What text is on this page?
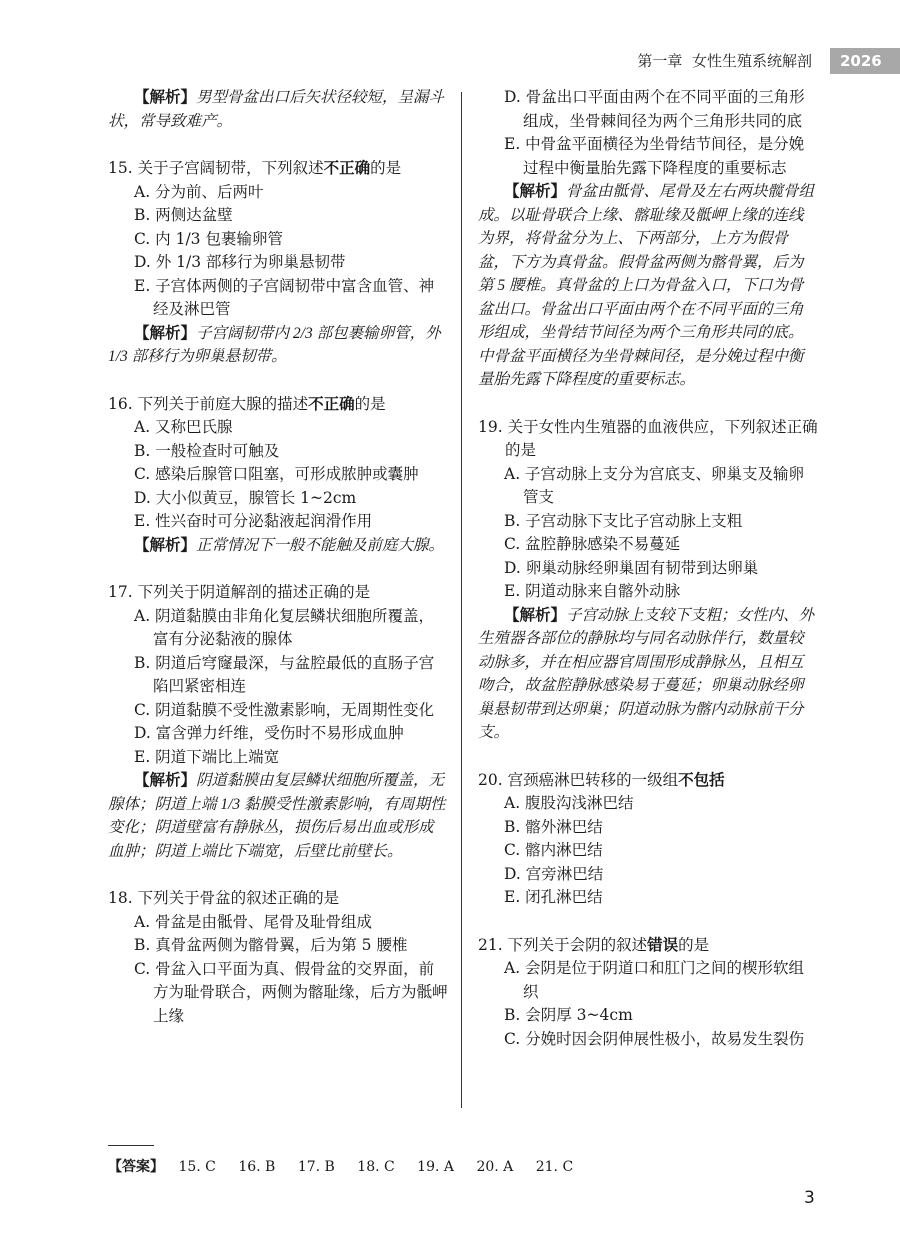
第一章 女性生殖系统解剖	2026

【解析】男型骨盆出口后矢状径较短，呈漏斗状，常导致难产。

15. 关于子宫阔韧带，下列叙述不正确的是

A. 分为前、后两叶

B. 两侧达盆壁

C. 内 1/3 包裹输卵管

D. 外 1/3 部移行为卵巢悬韧带

E. 子宫体两侧的子宫阔韧带中富含血管、神经及淋巴管

【解析】子宫阔韧带内 2/3 部包裹输卵管，外 1/3 部移行为卵巢悬韧带。

16. 下列关于前庭大腺的描述不正确的是

A. 又称巴氏腺

B. 一般检查时可触及

C. 感染后腺管口阻塞，可形成脓肿或囊肿

D. 大小似黄豆，腺管长 1~2cm

E. 性兴奋时可分泌黏液起润滑作用

【解析】正常情况下一般不能触及前庭大腺。

17. 下列关于阴道解剖的描述正确的是

A. 阴道黏膜由非角化复层鳞状细胞所覆盖，富有分泌黏液的腺体

B. 阴道后穹窿最深，与盆腔最低的直肠子宫陷凹紧密相连

C. 阴道黏膜不受性激素影响，无周期性变化

D. 富含弹力纤维，受伤时不易形成血肿

E. 阴道下端比上端宽

【解析】阴道黏膜由复层鳞状细胞所覆盖，无腺体；阴道上端 1/3 黏膜受性激素影响，有周期性变化；阴道壁富有静脉丛，损伤后易出血或形成血肿；阴道上端比下端宽，后壁比前壁长。

18. 下列关于骨盆的叙述正确的是

A. 骨盆是由骶骨、尾骨及耻骨组成

B. 真骨盆两侧为髂骨翼，后为第 5 腰椎

C. 骨盆入口平面为真、假骨盆的交界面，前方为耻骨联合，两侧为髂耻缘，后方为骶岬上缘

D. 骨盆出口平面由两个在不同平面的三角形组成，坐骨棘间径为两个三角形共同的底

E. 中骨盆平面横径为坐骨结节间径，是分娩过程中衡量胎先露下降程度的重要标志

【解析】骨盆由骶骨、尾骨及左右两块髋骨组成。以耻骨联合上缘、髂耻缘及骶岬上缘的连线为界，将骨盆分为上、下两部分，上方为假骨盆，下方为真骨盆。假骨盆两侧为髂骨翼，后为第 5 腰椎。真骨盆的上口为骨盆入口，下口为骨盆出口。骨盆出口平面由两个在不同平面的三角形组成，坐骨结节间径为两个三角形共同的底。中骨盆平面横径为坐骨棘间径，是分娩过程中衡量胎先露下降程度的重要标志。

19. 关于女性内生殖器的血液供应，下列叙述正确的是

A. 子宫动脉上支分为宫底支、卵巢支及输卵管支

B. 子宫动脉下支比子宫动脉上支粗

C. 盆腔静脉感染不易蔓延

D. 卵巢动脉经卵巢固有韧带到达卵巢

E. 阴道动脉来自髂外动脉

【解析】子宫动脉上支较下支粗；女性内、外生殖器各部位的静脉均与同名动脉伴行，数量较动脉多，并在相应器官周围形成静脉丛，且相互吻合，故盆腔静脉感染易于蔓延；卵巢动脉经卵巢悬韧带到达卵巢；阴道动脉为髂内动脉前干分支。

20. 宫颈癌淋巴转移的一级组不包括

A. 腹股沟浅淋巴结

B. 髂外淋巴结

C. 髂内淋巴结

D. 宫旁淋巴结

E. 闭孔淋巴结

21. 下列关于会阴的叙述错误的是

A. 会阴是位于阴道口和肛门之间的楔形软组织

B. 会阴厚 3~4cm

C. 分娩时因会阴伸展性极小，故易发生裂伤

【答案】 15. C 16. B 17. B 18. C 19. A 20. A 21. C
3
